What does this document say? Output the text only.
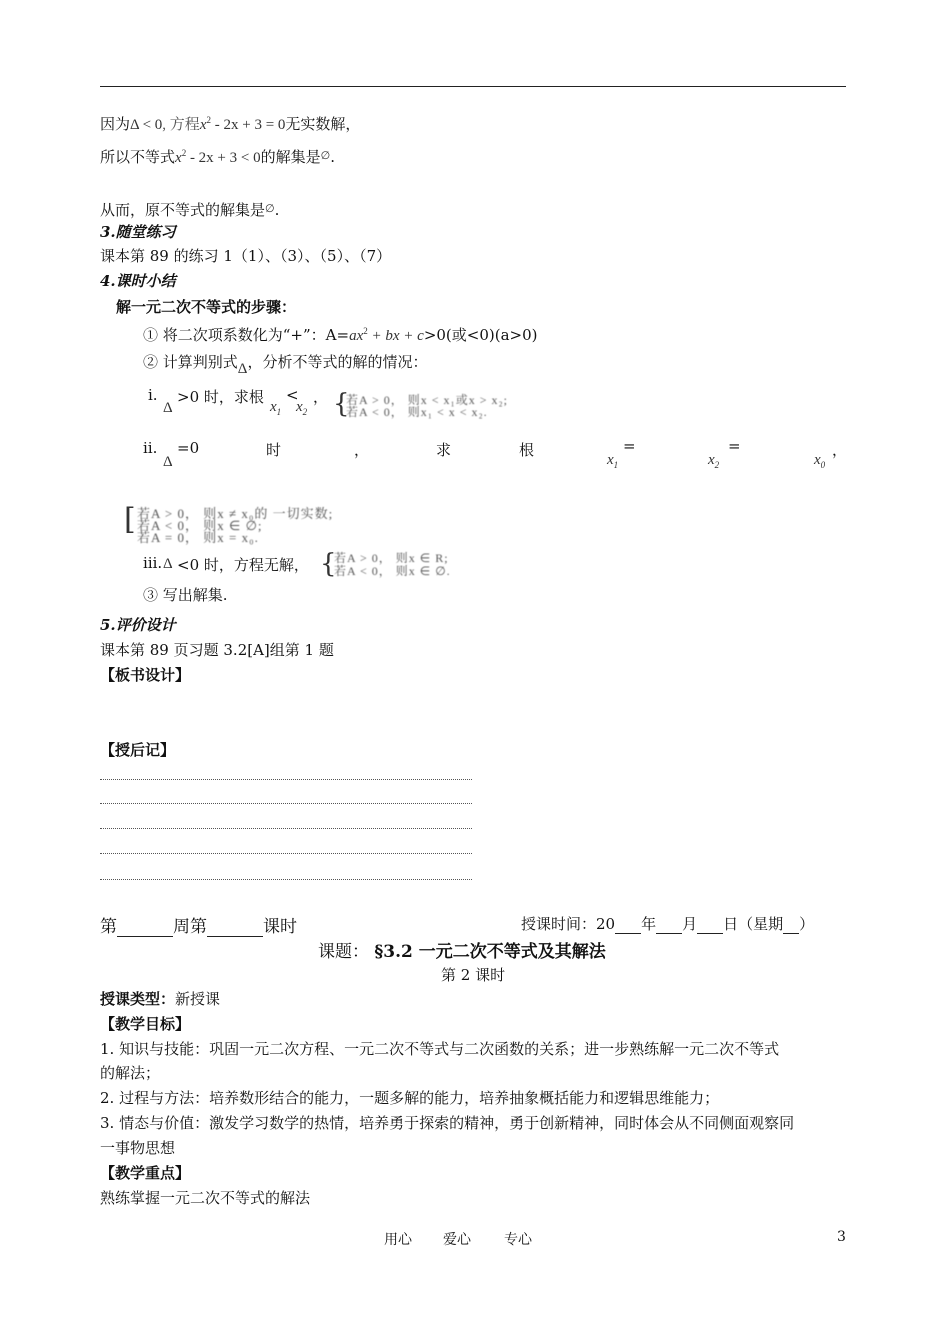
因为Δ < 0, 方程$x^2 - 2x + 3 = 0$无实数解，
所以不等式$x^2 - 2x + 3 < 0$的解集是∅.
从而，原不等式的解集是∅.
3.随堂练习
课本第 89 的练习 1（1）、（3）、（5）、（7）
4.课时小结
解一元二次不等式的步骤：
① 将二次项系数化为“+”：$A=ax^2$ + bx + c>0(或<0)(a>0)
② 计算判别式Δ，分析不等式的解的情况：
ⅰ.
Δ
>0 时，求根
$x_1$
<
$x_2$
， {
若A > 0， 则x < x₁或x > x₂;
若A < 0， 则x₁ < x < x₂.
ⅱ.
Δ
=0	时	，	求	根
$x_1$
=
$x_2$
=
$x_0$
，
[ 若A > 0， 则x ≠ x₀的 一切实数;
若A < 0， 则x ∈ ∅;
若A = 0， 则x = x₀.
ⅲ. Δ <0 时，方程无解， {
若A > 0， 则x ∈ R;
若A < 0， 则x ∈ ∅.
③ 写出解集.
5.评价设计
课本第 89 页习题 3.2[A]组第 1 题
【板书设计】
【授后记】
第	周第	课时	授课时间：20 年 月 日（星期 ）
课题： §3.2 一元二次不等式及其解法
第 2 课时
授课类型：新授课
【教学目标】
1. 知识与技能：巩固一元二次方程、一元二次不等式与二次函数的关系；进一步熟练解一元二次不等式
的解法；
2. 过程与方法：培养数形结合的能力，一题多解的能力，培养抽象概括能力和逻辑思维能力；
3. 情态与价值：激发学习数学的热情，培养勇于探索的精神，勇于创新精神，同时体会从不同侧面观察同
一事物思想
【教学重点】
熟练掌握一元二次不等式的解法
用心 爱心 专心	3
